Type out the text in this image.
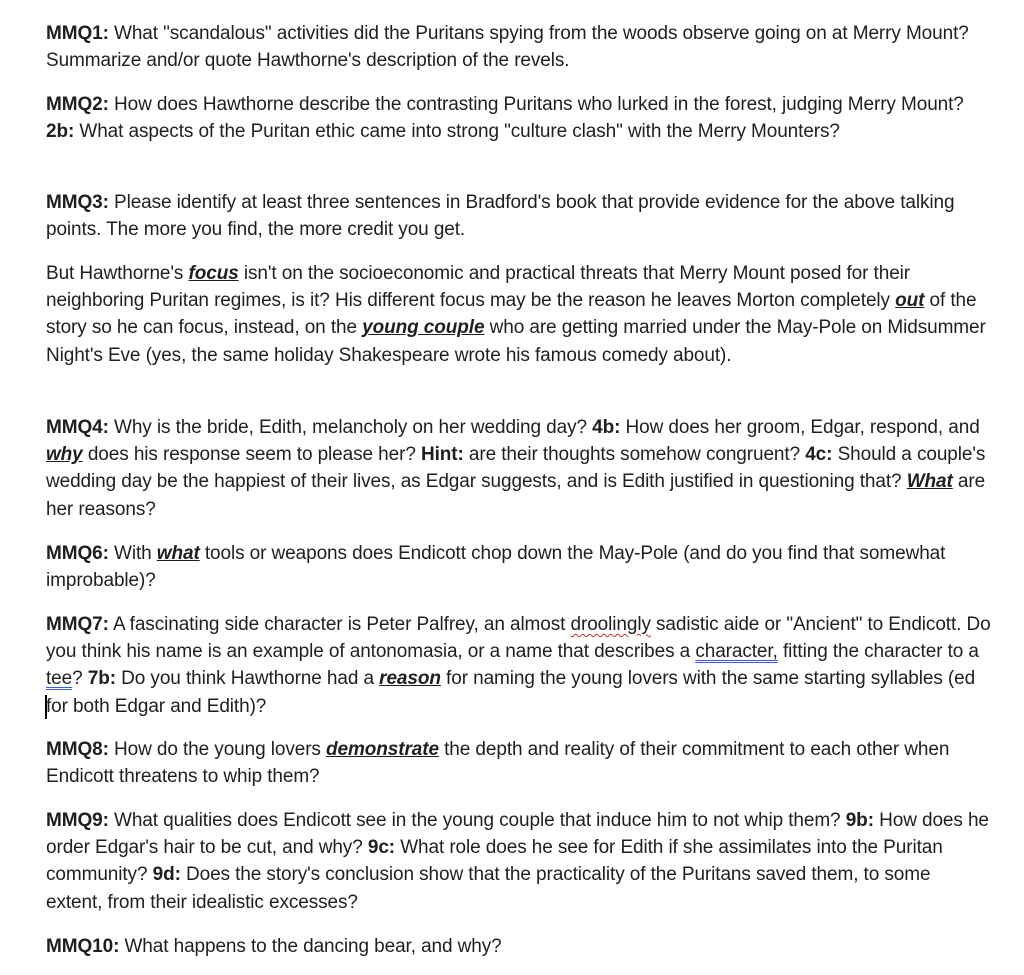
MMQ1: What "scandalous" activities did the Puritans spying from the woods observe going on at Merry Mount? Summarize and/or quote Hawthorne's description of the revels.

MMQ2: How does Hawthorne describe the contrasting Puritans who lurked in the forest, judging Merry Mount? 2b: What aspects of the Puritan ethic came into strong "culture clash" with the Merry Mounters?

MMQ3: Please identify at least three sentences in Bradford's book that provide evidence for the above talking points. The more you find, the more credit you get.

But Hawthorne's focus isn't on the socioeconomic and practical threats that Merry Mount posed for their neighboring Puritan regimes, is it? His different focus may be the reason he leaves Morton completely out of the story so he can focus, instead, on the young couple who are getting married under the May-Pole on Midsummer Night's Eve (yes, the same holiday Shakespeare wrote his famous comedy about).

MMQ4: Why is the bride, Edith, melancholy on her wedding day? 4b: How does her groom, Edgar, respond, and why does his response seem to please her? Hint: are their thoughts somehow congruent? 4c: Should a couple's wedding day be the happiest of their lives, as Edgar suggests, and is Edith justified in questioning that? What are her reasons?

MMQ6: With what tools or weapons does Endicott chop down the May-Pole (and do you find that somewhat improbable)?

MMQ7: A fascinating side character is Peter Palfrey, an almost droolingly sadistic aide or "Ancient" to Endicott. Do you think his name is an example of antonomasia, or a name that describes a character, fitting the character to a tee? 7b: Do you think Hawthorne had a reason for naming the young lovers with the same starting syllables (ed for both Edgar and Edith)?

MMQ8: How do the young lovers demonstrate the depth and reality of their commitment to each other when Endicott threatens to whip them?

MMQ9: What qualities does Endicott see in the young couple that induce him to not whip them? 9b: How does he order Edgar's hair to be cut, and why? 9c: What role does he see for Edith if she assimilates into the Puritan community? 9d: Does the story's conclusion show that the practicality of the Puritans saved them, to some extent, from their idealistic excesses?

MMQ10: What happens to the dancing bear, and why?
